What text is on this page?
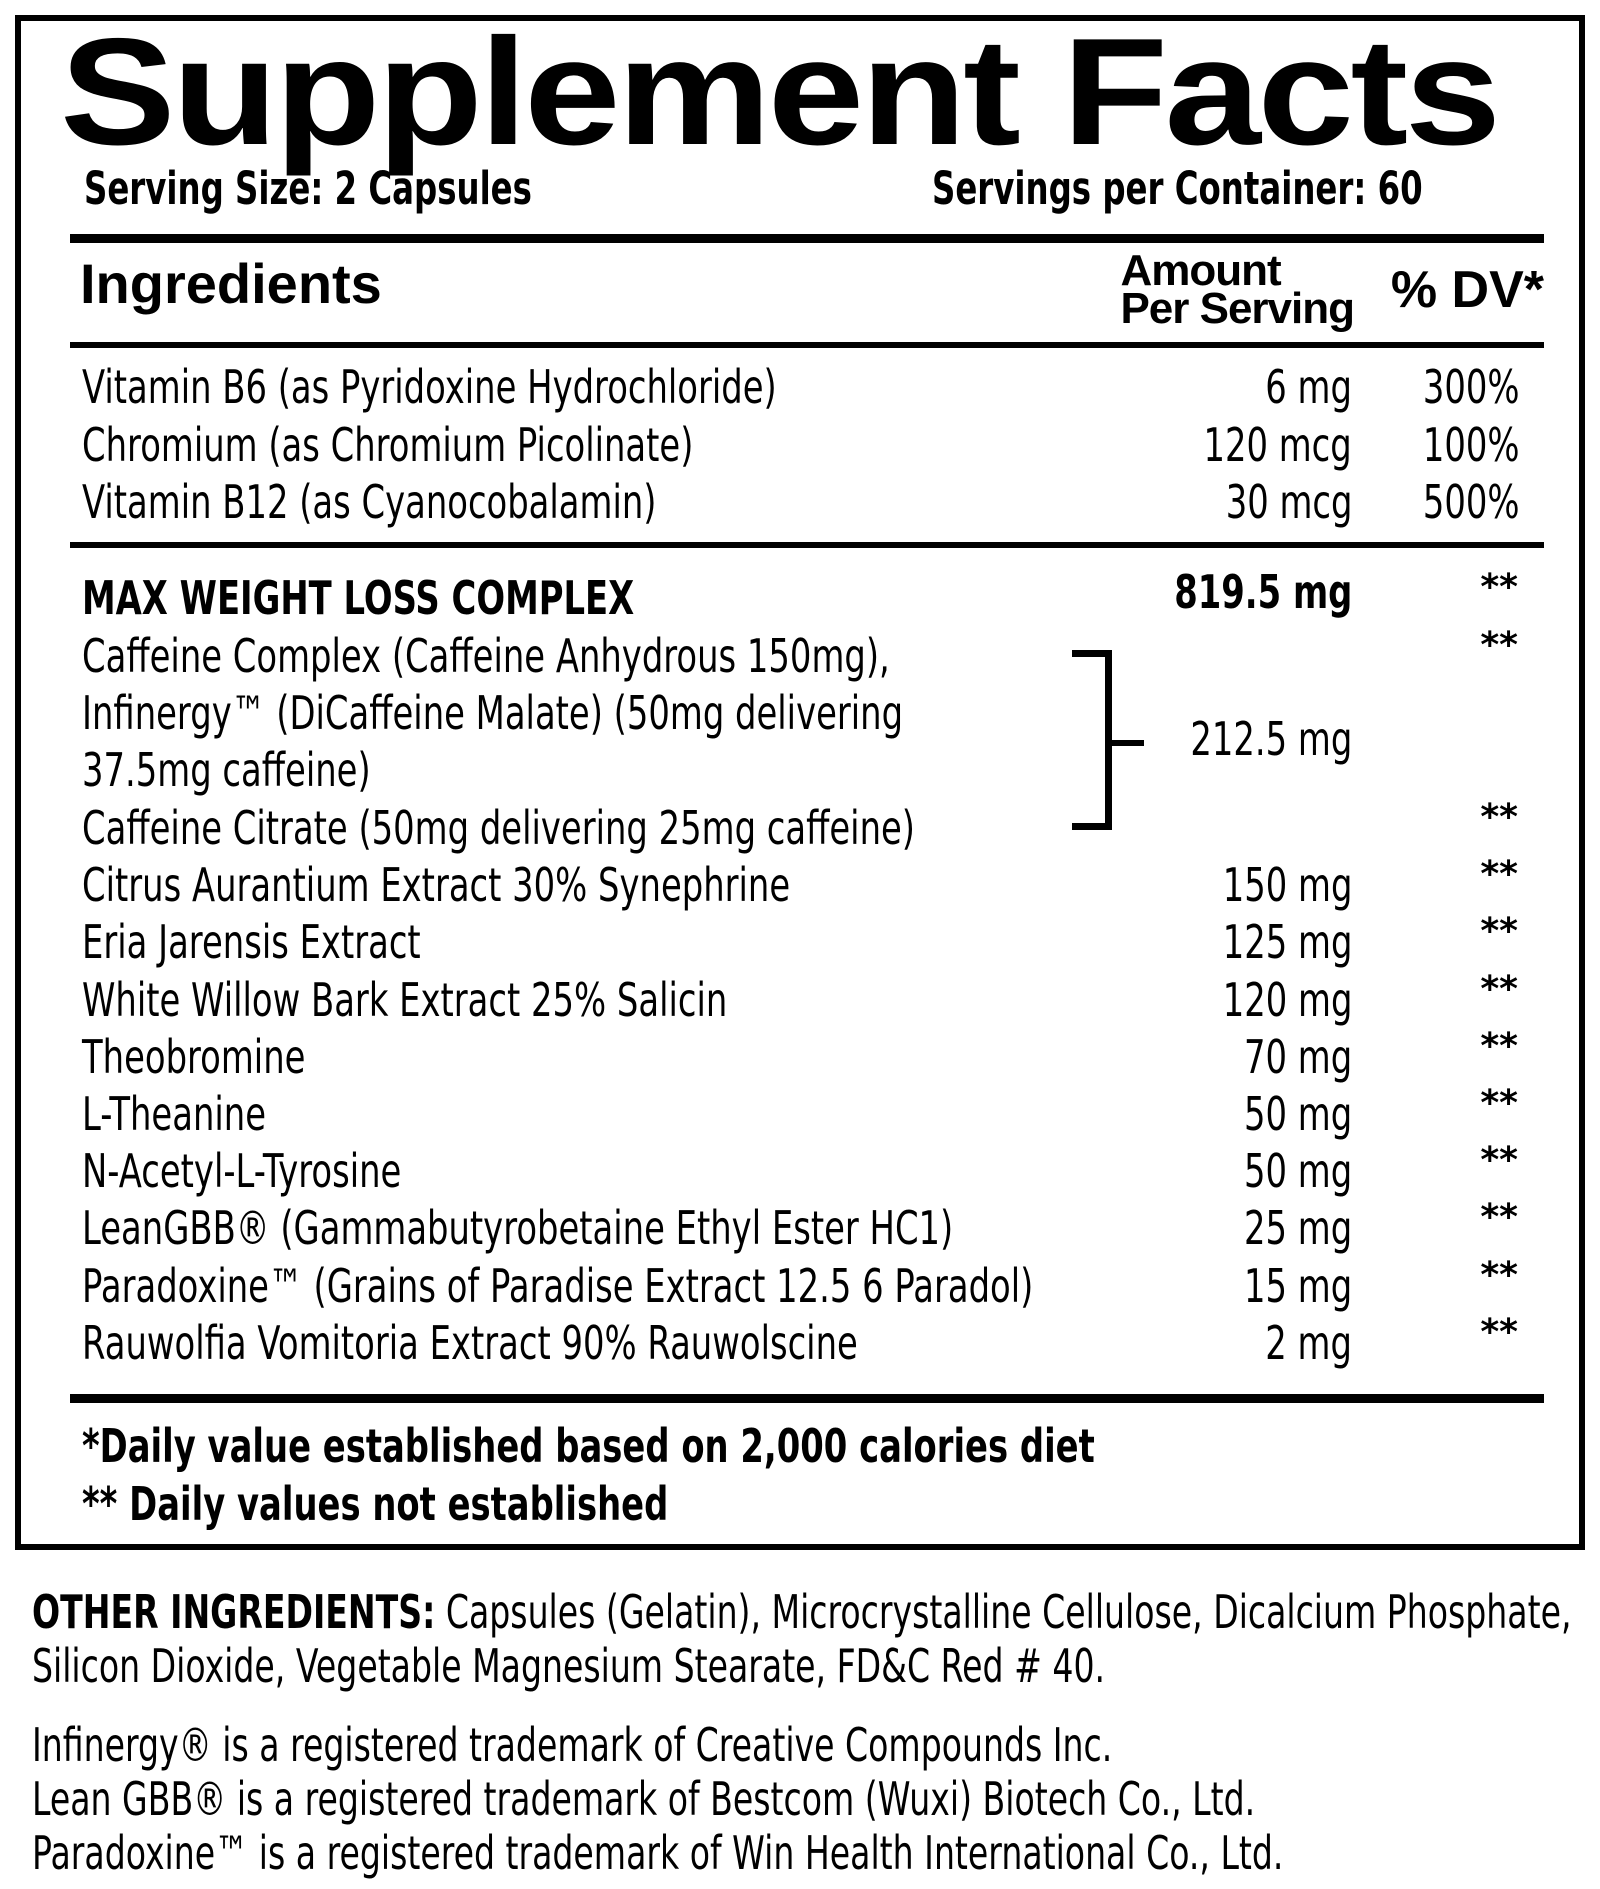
Supplement Facts
Serving Size: 2 Capsules	Servings per Container: 60
Ingredients	Amount
Per Serving % DV*
Vitamin B6 (as Pyridoxine Hydrochloride)	6 mg 300%
Chromium (as Chromium Picolinate)	120 mcg 100%
Vitamin B12 (as Cyanocobalamin)	30 mcg 500%
MAX WEIGHT LOSS COMPLEX	819.5 mg	**
Caffeine Complex (Caffeine Anhydrous 150mg),	**
Infinergy™ (DiCaffeine Malate) (50mg delivering
37.5mg caffeine)
Caffeine Citrate (50mg delivering 25mg caffeine)	**
212.5 mg
Citrus Aurantium Extract 30% Synephrine	150 mg	**
Eria Jarensis Extract	125 mg	**
White Willow Bark Extract 25% Salicin	120 mg	**
Theobromine	70 mg	**
L-Theanine	50 mg	**
N-Acetyl-L-Tyrosine	50 mg	**
LeanGBB® (Gammabutyrobetaine Ethyl Ester HC1)	25 mg	**
Paradoxine™ (Grains of Paradise Extract 12.5 6 Paradol)	15 mg	**
Rauwolfia Vomitoria Extract 90% Rauwolscine	2 mg	**
*Daily value established based on 2,000 calories diet
** Daily values not established
OTHER INGREDIENTS: Capsules (Gelatin), Microcrystalline Cellulose, Dicalcium Phosphate, Silicon Dioxide, Vegetable Magnesium Stearate, FD&C Red # 40.
Infinergy® is a registered trademark of Creative Compounds Inc.
Lean GBB® is a registered trademark of Bestcom (Wuxi) Biotech Co., Ltd.
Paradoxine™ is a registered trademark of Win Health International Co., Ltd.
